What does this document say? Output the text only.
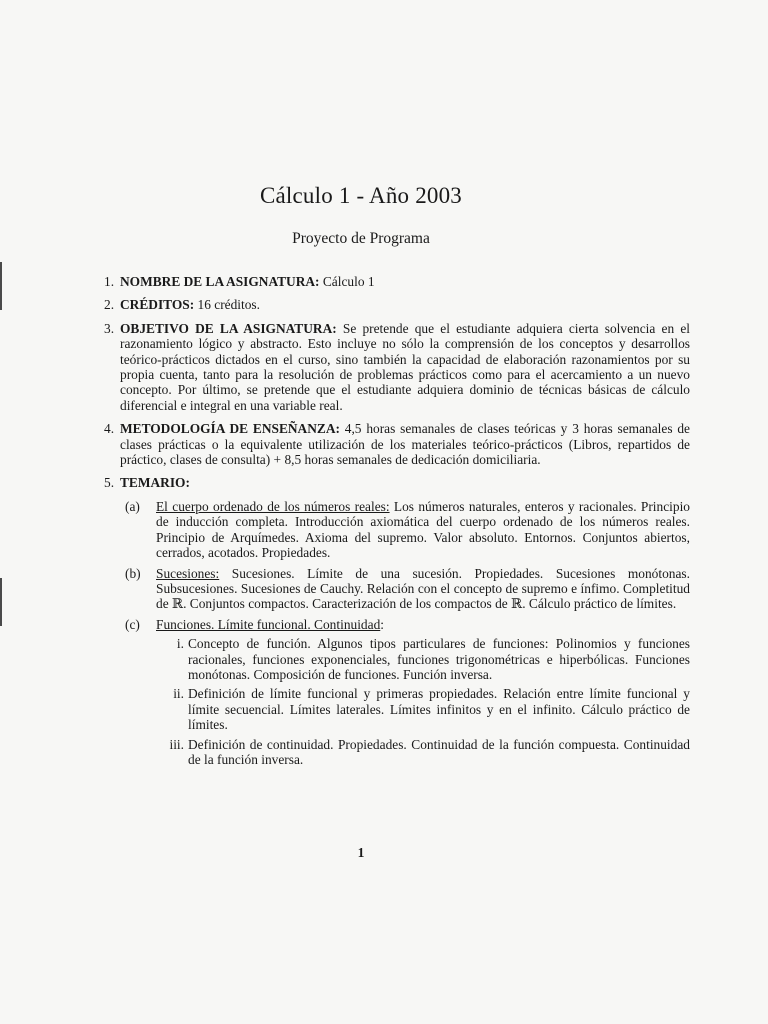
Cálculo 1 - Año 2003
Proyecto de Programa
1. NOMBRE DE LA ASIGNATURA: Cálculo 1
2. CRÉDITOS: 16 créditos.
3. OBJETIVO DE LA ASIGNATURA: Se pretende que el estudiante adquiera cierta solvencia en el razonamiento lógico y abstracto. Esto incluye no sólo la comprensión de los conceptos y desarrollos teórico-prácticos dictados en el curso, sino también la capacidad de elaboración razonamientos por su propia cuenta, tanto para la resolución de problemas prácticos como para el acercamiento a un nuevo concepto. Por último, se pretende que el estudiante adquiera dominio de técnicas básicas de cálculo diferencial e integral en una variable real.
4. METODOLOGÍA DE ENSEÑANZA: 4,5 horas semanales de clases teóricas y 3 horas semanales de clases prácticas o la equivalente utilización de los materiales teórico-prácticos (Libros, repartidos de práctico, clases de consulta) + 8,5 horas semanales de dedicación domiciliaria.
5. TEMARIO:
(a) El cuerpo ordenado de los números reales: Los números naturales, enteros y racionales. Principio de inducción completa. Introducción axiomática del cuerpo ordenado de los números reales. Principio de Arquímedes. Axioma del supremo. Valor absoluto. Entornos. Conjuntos abiertos, cerrados, acotados. Propiedades.
(b) Sucesiones: Sucesiones. Límite de una sucesión. Propiedades. Sucesiones monótonas. Subsucesiones. Sucesiones de Cauchy. Relación con el concepto de supremo e ínfimo. Completitud de ℝ. Conjuntos compactos. Caracterización de los compactos de ℝ. Cálculo práctico de límites.
(c) Funciones. Límite funcional. Continuidad:
i. Concepto de función. Algunos tipos particulares de funciones: Polinomios y funciones racionales, funciones exponenciales, funciones trigonométricas e hiperbólicas. Funciones monótonas. Composición de funciones. Función inversa.
ii. Definición de límite funcional y primeras propiedades. Relación entre límite funcional y límite secuencial. Límites laterales. Límites infinitos y en el infinito. Cálculo práctico de límites.
iii. Definición de continuidad. Propiedades. Continuidad de la función compuesta. Continuidad de la función inversa.
1
